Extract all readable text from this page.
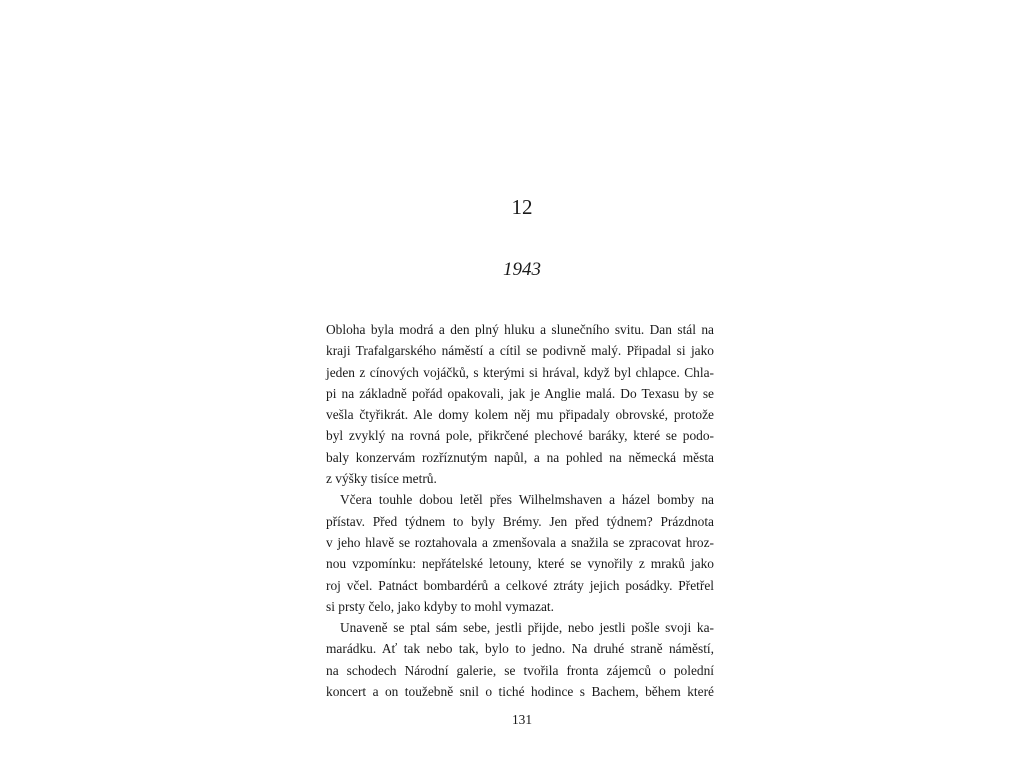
12
1943
Obloha byla modrá a den plný hluku a slunečního svitu. Dan stál na
kraji Trafalgarského náměstí a cítil se podivně malý. Připadal si jako
jeden z cínových vojáčků, s kterými si hrával, když byl chlapce. Chla-
pi na základně pořád opakovali, jak je Anglie malá. Do Texasu by se
vešla čtyřikrát. Ale domy kolem něj mu připadaly obrovské, protože
byl zvyklý na rovná pole, přikrčené plechové baráky, které se podo-
baly konzervám rozříznutým napůl, a na pohled na německá města
z výšky tisíce metrů.
Včera touhle dobou letěl přes Wilhelmshaven a házel bomby na
přístav. Před týdnem to byly Brémy. Jen před týdnem? Prázdnota
v jeho hlavě se roztahovala a zmenšovala a snažila se zpracovat hroz-
nou vzpomínku: nepřátelské letouny, které se vynořily z mraků jako
roj včel. Patnáct bombardérů a celkové ztráty jejich posádky. Přetřel
si prsty čelo, jako kdyby to mohl vymazat.
Unaveně se ptal sám sebe, jestli přijde, nebo jestli pošle svoji ka-
marádku. Ať tak nebo tak, bylo to jedno. Na druhé straně náměstí,
na schodech Národní galerie, se tvořila fronta zájemců o polední
koncert a on toužebně snil o tiché hodince s Bachem, během které
131
